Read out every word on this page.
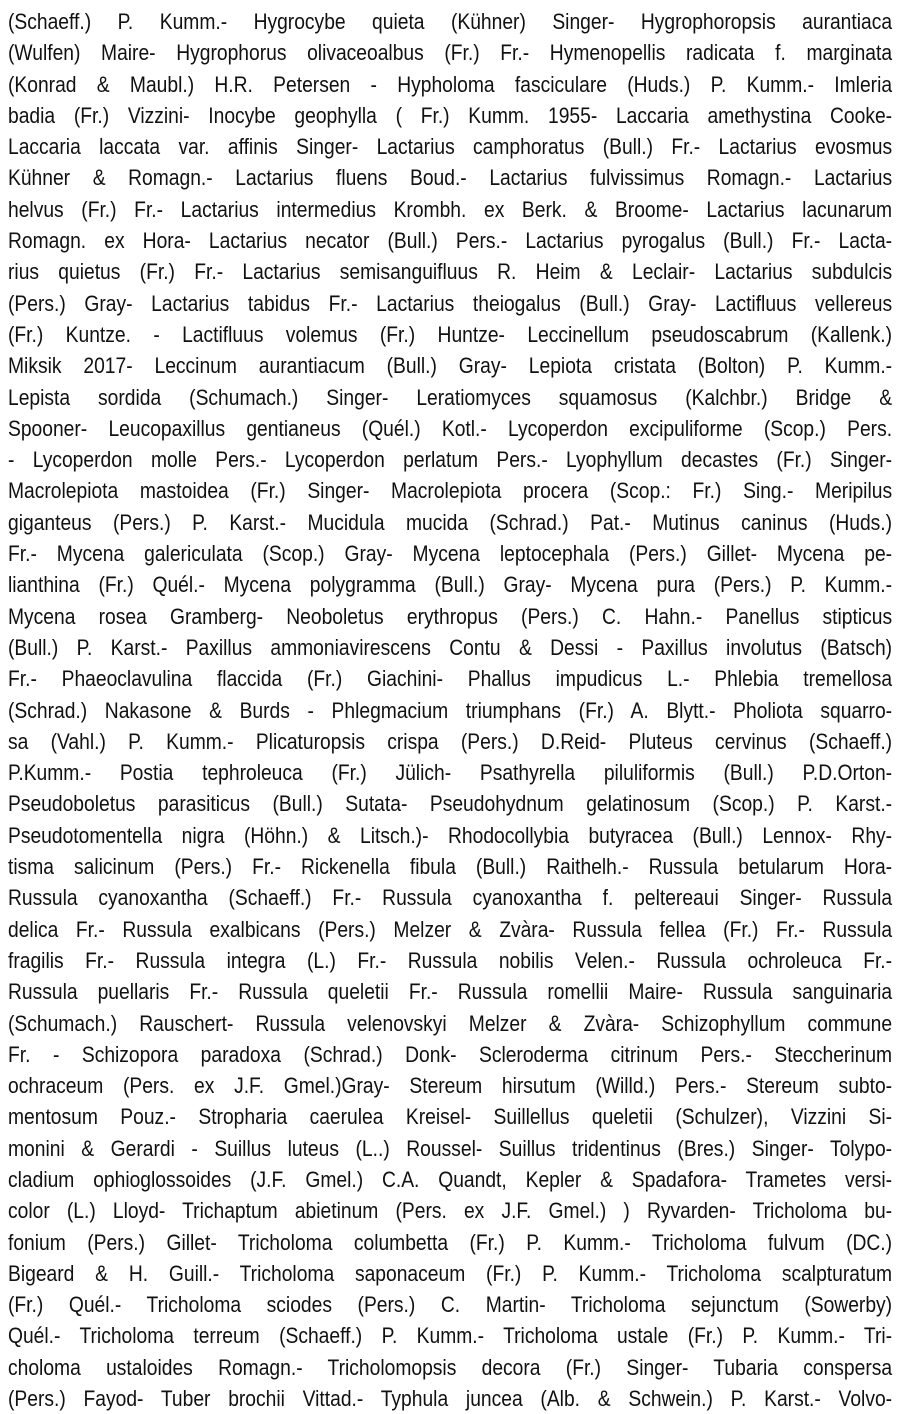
(Schaeff.) P. Kumm.- Hygrocybe quieta (Kühner) Singer- Hygrophoropsis aurantiaca
(Wulfen) Maire- Hygrophorus olivaceoalbus (Fr.) Fr.- Hymenopellis radicata f. marginata
(Konrad & Maubl.) H.R. Petersen - Hypholoma fasciculare (Huds.) P. Kumm.- Imleria
badia (Fr.) Vizzini- Inocybe geophylla ( Fr.) Kumm. 1955- Laccaria amethystina Cooke-
Laccaria laccata var. affinis Singer- Lactarius camphoratus (Bull.) Fr.- Lactarius evosmus
Kühner & Romagn.- Lactarius fluens Boud.- Lactarius fulvissimus Romagn.- Lactarius
helvus (Fr.) Fr.- Lactarius intermedius Krombh. ex Berk. & Broome- Lactarius lacunarum
Romagn. ex Hora- Lactarius necator (Bull.) Pers.- Lactarius pyrogalus (Bull.) Fr.- Lacta-
rius quietus (Fr.) Fr.- Lactarius semisanguifluus R. Heim & Leclair- Lactarius subdulcis
(Pers.) Gray- Lactarius tabidus Fr.- Lactarius theiogalus (Bull.) Gray- Lactifluus vellereus
(Fr.) Kuntze. - Lactifluus volemus (Fr.) Huntze- Leccinellum pseudoscabrum (Kallenk.)
Miksik 2017- Leccinum aurantiacum (Bull.) Gray- Lepiota cristata (Bolton) P. Kumm.-
Lepista sordida (Schumach.) Singer- Leratiomyces squamosus (Kalchbr.) Bridge &
Spooner- Leucopaxillus gentianeus (Quél.) Kotl.- Lycoperdon excipuliforme (Scop.) Pers.
- Lycoperdon molle Pers.- Lycoperdon perlatum Pers.- Lyophyllum decastes (Fr.) Singer-
Macrolepiota mastoidea (Fr.) Singer- Macrolepiota procera (Scop.: Fr.) Sing.- Meripilus
giganteus (Pers.) P. Karst.- Mucidula mucida (Schrad.) Pat.- Mutinus caninus (Huds.)
Fr.- Mycena galericulata (Scop.) Gray- Mycena leptocephala (Pers.) Gillet- Mycena pe-
lianthina (Fr.) Quél.- Mycena polygramma (Bull.) Gray- Mycena pura (Pers.) P. Kumm.-
Mycena rosea Gramberg- Neoboletus erythropus (Pers.) C. Hahn.- Panellus stipticus
(Bull.) P. Karst.- Paxillus ammoniavirescens Contu & Dessi - Paxillus involutus (Batsch)
Fr.- Phaeoclavulina flaccida (Fr.) Giachini- Phallus impudicus L.- Phlebia tremellosa
(Schrad.) Nakasone & Burds - Phlegmacium triumphans (Fr.) A. Blytt.- Pholiota squarro-
sa (Vahl.) P. Kumm.- Plicaturopsis crispa (Pers.) D.Reid- Pluteus cervinus (Schaeff.)
P.Kumm.- Postia tephroleuca (Fr.) Jülich- Psathyrella piluliformis (Bull.) P.D.Orton-
Pseudoboletus parasiticus (Bull.) Sutata- Pseudohydnum gelatinosum (Scop.) P. Karst.-
Pseudotomentella nigra (Höhn.) & Litsch.)- Rhodocollybia butyracea (Bull.) Lennox- Rhy-
tisma salicinum (Pers.) Fr.- Rickenella fibula (Bull.) Raithelh.- Russula betularum Hora-
Russula cyanoxantha (Schaeff.) Fr.- Russula cyanoxantha f. peltereaui Singer- Russula
delica Fr.- Russula exalbicans (Pers.) Melzer & Zvàra- Russula fellea (Fr.) Fr.- Russula
fragilis Fr.- Russula integra (L.) Fr.- Russula nobilis Velen.- Russula ochroleuca Fr.-
Russula puellaris Fr.- Russula queletii Fr.- Russula romellii Maire- Russula sanguinaria
(Schumach.) Rauschert- Russula velenovskyi Melzer & Zvàra- Schizophyllum commune
Fr. - Schizopora paradoxa (Schrad.) Donk- Scleroderma citrinum Pers.- Steccherinum
ochraceum (Pers. ex J.F. Gmel.)Gray- Stereum hirsutum (Willd.) Pers.- Stereum subto-
mentosum Pouz.- Stropharia caerulea Kreisel- Suillellus queletii (Schulzer), Vizzini Si-
monini & Gerardi - Suillus luteus (L..) Roussel- Suillus tridentinus (Bres.) Singer- Tolypo-
cladium ophioglossoides (J.F. Gmel.) C.A. Quandt, Kepler & Spadafora- Trametes versi-
color (L.) Lloyd- Trichaptum abietinum (Pers. ex J.F. Gmel.) ) Ryvarden- Tricholoma bu-
fonium (Pers.) Gillet- Tricholoma columbetta (Fr.) P. Kumm.- Tricholoma fulvum (DC.)
Bigeard & H. Guill.- Tricholoma saponaceum (Fr.) P. Kumm.- Tricholoma scalpturatum
(Fr.) Quél.- Tricholoma sciodes (Pers.) C. Martin- Tricholoma sejunctum (Sowerby)
Quél.- Tricholoma terreum (Schaeff.) P. Kumm.- Tricholoma ustale (Fr.) P. Kumm.- Tri-
choloma ustaloides Romagn.- Tricholomopsis decora (Fr.) Singer- Tubaria conspersa
(Pers.) Fayod- Tuber brochii Vittad.- Typhula juncea (Alb. & Schwein.) P. Karst.- Volvo-
